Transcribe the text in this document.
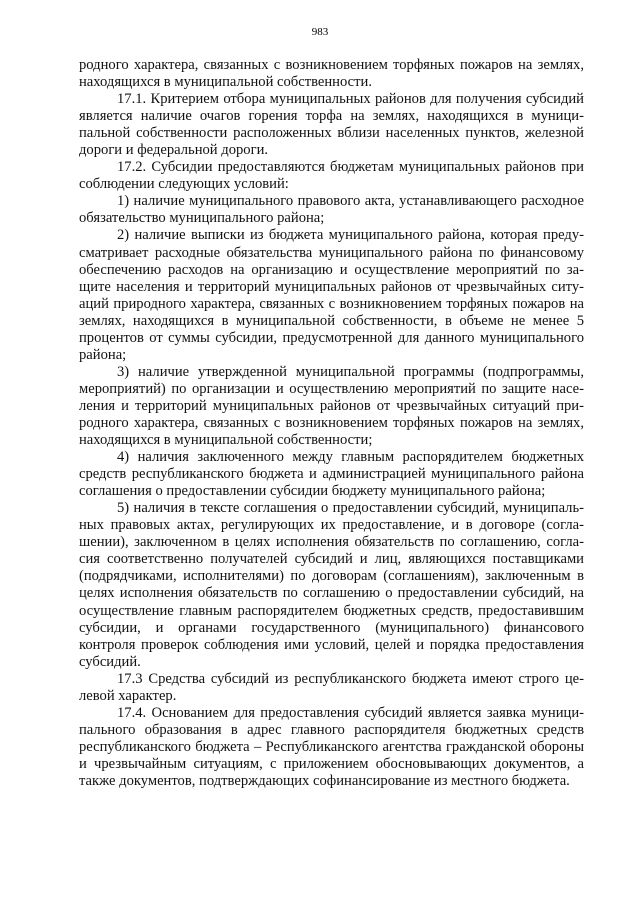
983

родного характера, связанных с возникновением торфяных пожаров на землях, находящихся в муниципальной собственности.

17.1. Критерием отбора муниципальных районов для получения субсидий является наличие очагов горения торфа на землях, находящихся в муниципальной собственности расположенных вблизи населенных пунктов, железной дороги и федеральной дороги.

17.2. Субсидии предоставляются бюджетам муниципальных районов при соблюдении следующих условий:

1) наличие муниципального правового акта, устанавливающего расходное обязательство муниципального района;

2) наличие выписки из бюджета муниципального района, которая предусматривает расходные обязательства муниципального района по финансовому обеспечению расходов на организацию и осуществление мероприятий по защите населения и территорий муниципальных районов от чрезвычайных ситуаций природного характера, связанных с возникновением торфяных пожаров на землях, находящихся в муниципальной собственности, в объеме не менее 5 процентов от суммы субсидии, предусмотренной для данного муниципального района;

3) наличие утвержденной муниципальной программы (подпрограммы, мероприятий) по организации и осуществлению мероприятий по защите населения и территорий муниципальных районов от чрезвычайных ситуаций природного характера, связанных с возникновением торфяных пожаров на землях, находящихся в муниципальной собственности;

4) наличия заключенного между главным распорядителем бюджетных средств республиканского бюджета и администрацией муниципального района соглашения о предоставлении субсидии бюджету муниципального района;

5) наличия в тексте соглашения о предоставлении субсидий, муниципальных правовых актах, регулирующих их предоставление, и в договоре (соглашении), заключенном в целях исполнения обязательств по соглашению, согласия соответственно получателей субсидий и лиц, являющихся поставщиками (подрядчиками, исполнителями) по договорам (соглашениям), заключенным в целях исполнения обязательств по соглашению о предоставлении субсидий, на осуществление главным распорядителем бюджетных средств, предоставившим субсидии, и органами государственного (муниципального) финансового контроля проверок соблюдения ими условий, целей и порядка предоставления субсидий.

17.3 Средства субсидий из республиканского бюджета имеют строго целевой характер.

17.4. Основанием для предоставления субсидий является заявка муниципального образования в адрес главного распорядителя бюджетных средств республиканского бюджета – Республиканского агентства гражданской обороны и чрезвычайным ситуациям, с приложением обосновывающих документов, а также документов, подтверждающих софинансирование из местного бюджета.
